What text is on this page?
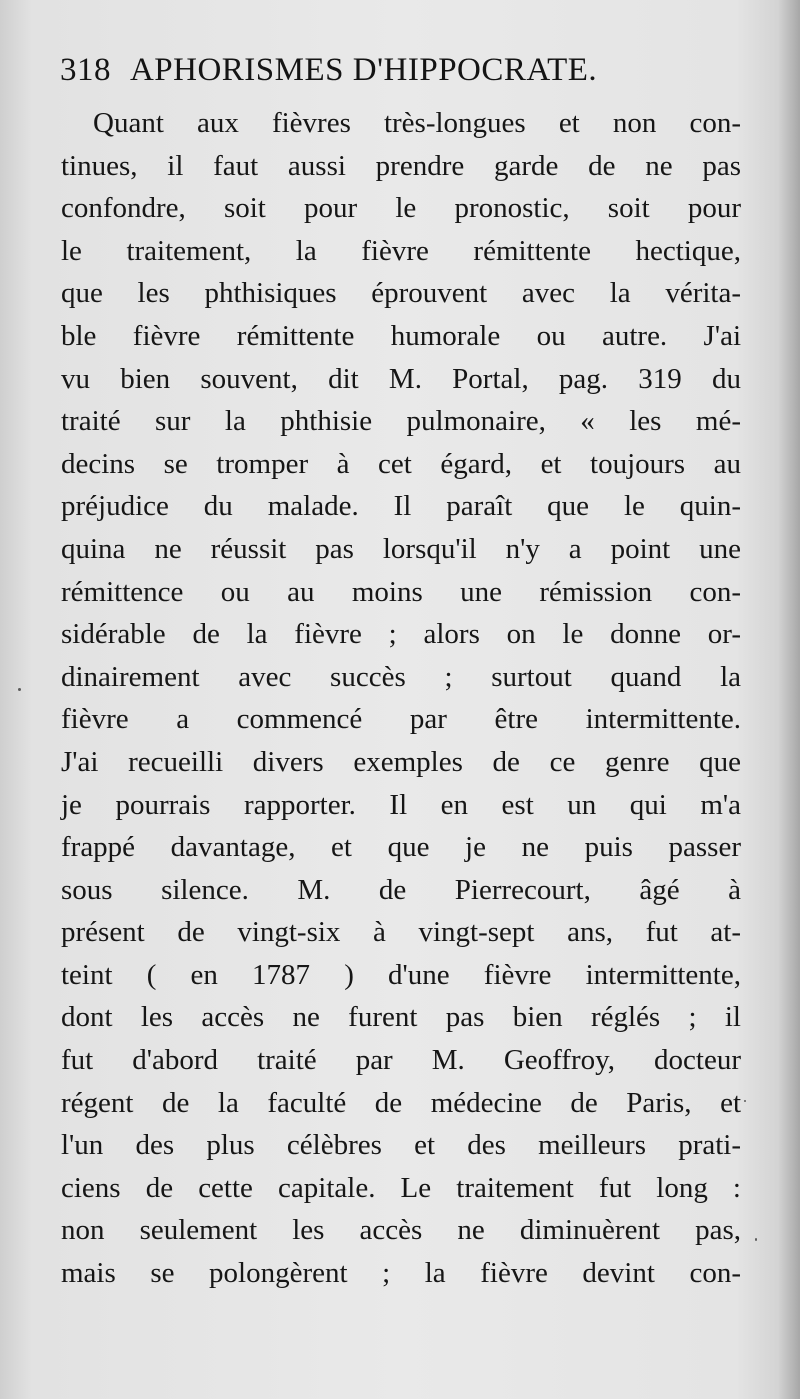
318 APHORISMES D'HIPPOCRATE.
Quant aux fièvres très-longues et non con-
tinues, il faut aussi prendre garde de ne pas
confondre, soit pour le pronostic, soit pour
le traitement, la fièvre rémittente hectique,
que les phthisiques éprouvent avec la vérita-
ble fièvre rémittente humorale ou autre. J'ai
vu bien souvent, dit M. Portal, pag. 319 du
traité sur la phthisie pulmonaire, « les mé-
decins se tromper à cet égard, et toujours au
préjudice du malade. Il paraît que le quin-
quina ne réussit pas lorsqu'il n'y a point une
rémittence ou au moins une rémission con-
sidérable de la fièvre ; alors on le donne or-
dinairement avec succès ; surtout quand la
fièvre a commencé par être intermittente.
J'ai recueilli divers exemples de ce genre que
je pourrais rapporter. Il en est un qui m'a
frappé davantage, et que je ne puis passer
sous silence. M. de Pierrecourt, âgé à
présent de vingt-six à vingt-sept ans, fut at-
teint ( en 1787 ) d'une fièvre intermittente,
dont les accès ne furent pas bien réglés ; il
fut d'abord traité par M. Geoffroy, docteur
régent de la faculté de médecine de Paris, et
l'un des plus célèbres et des meilleurs prati-
ciens de cette capitale. Le traitement fut long :
non seulement les accès ne diminuèrent pas,
mais se polongèrent ; la fièvre devint con-
